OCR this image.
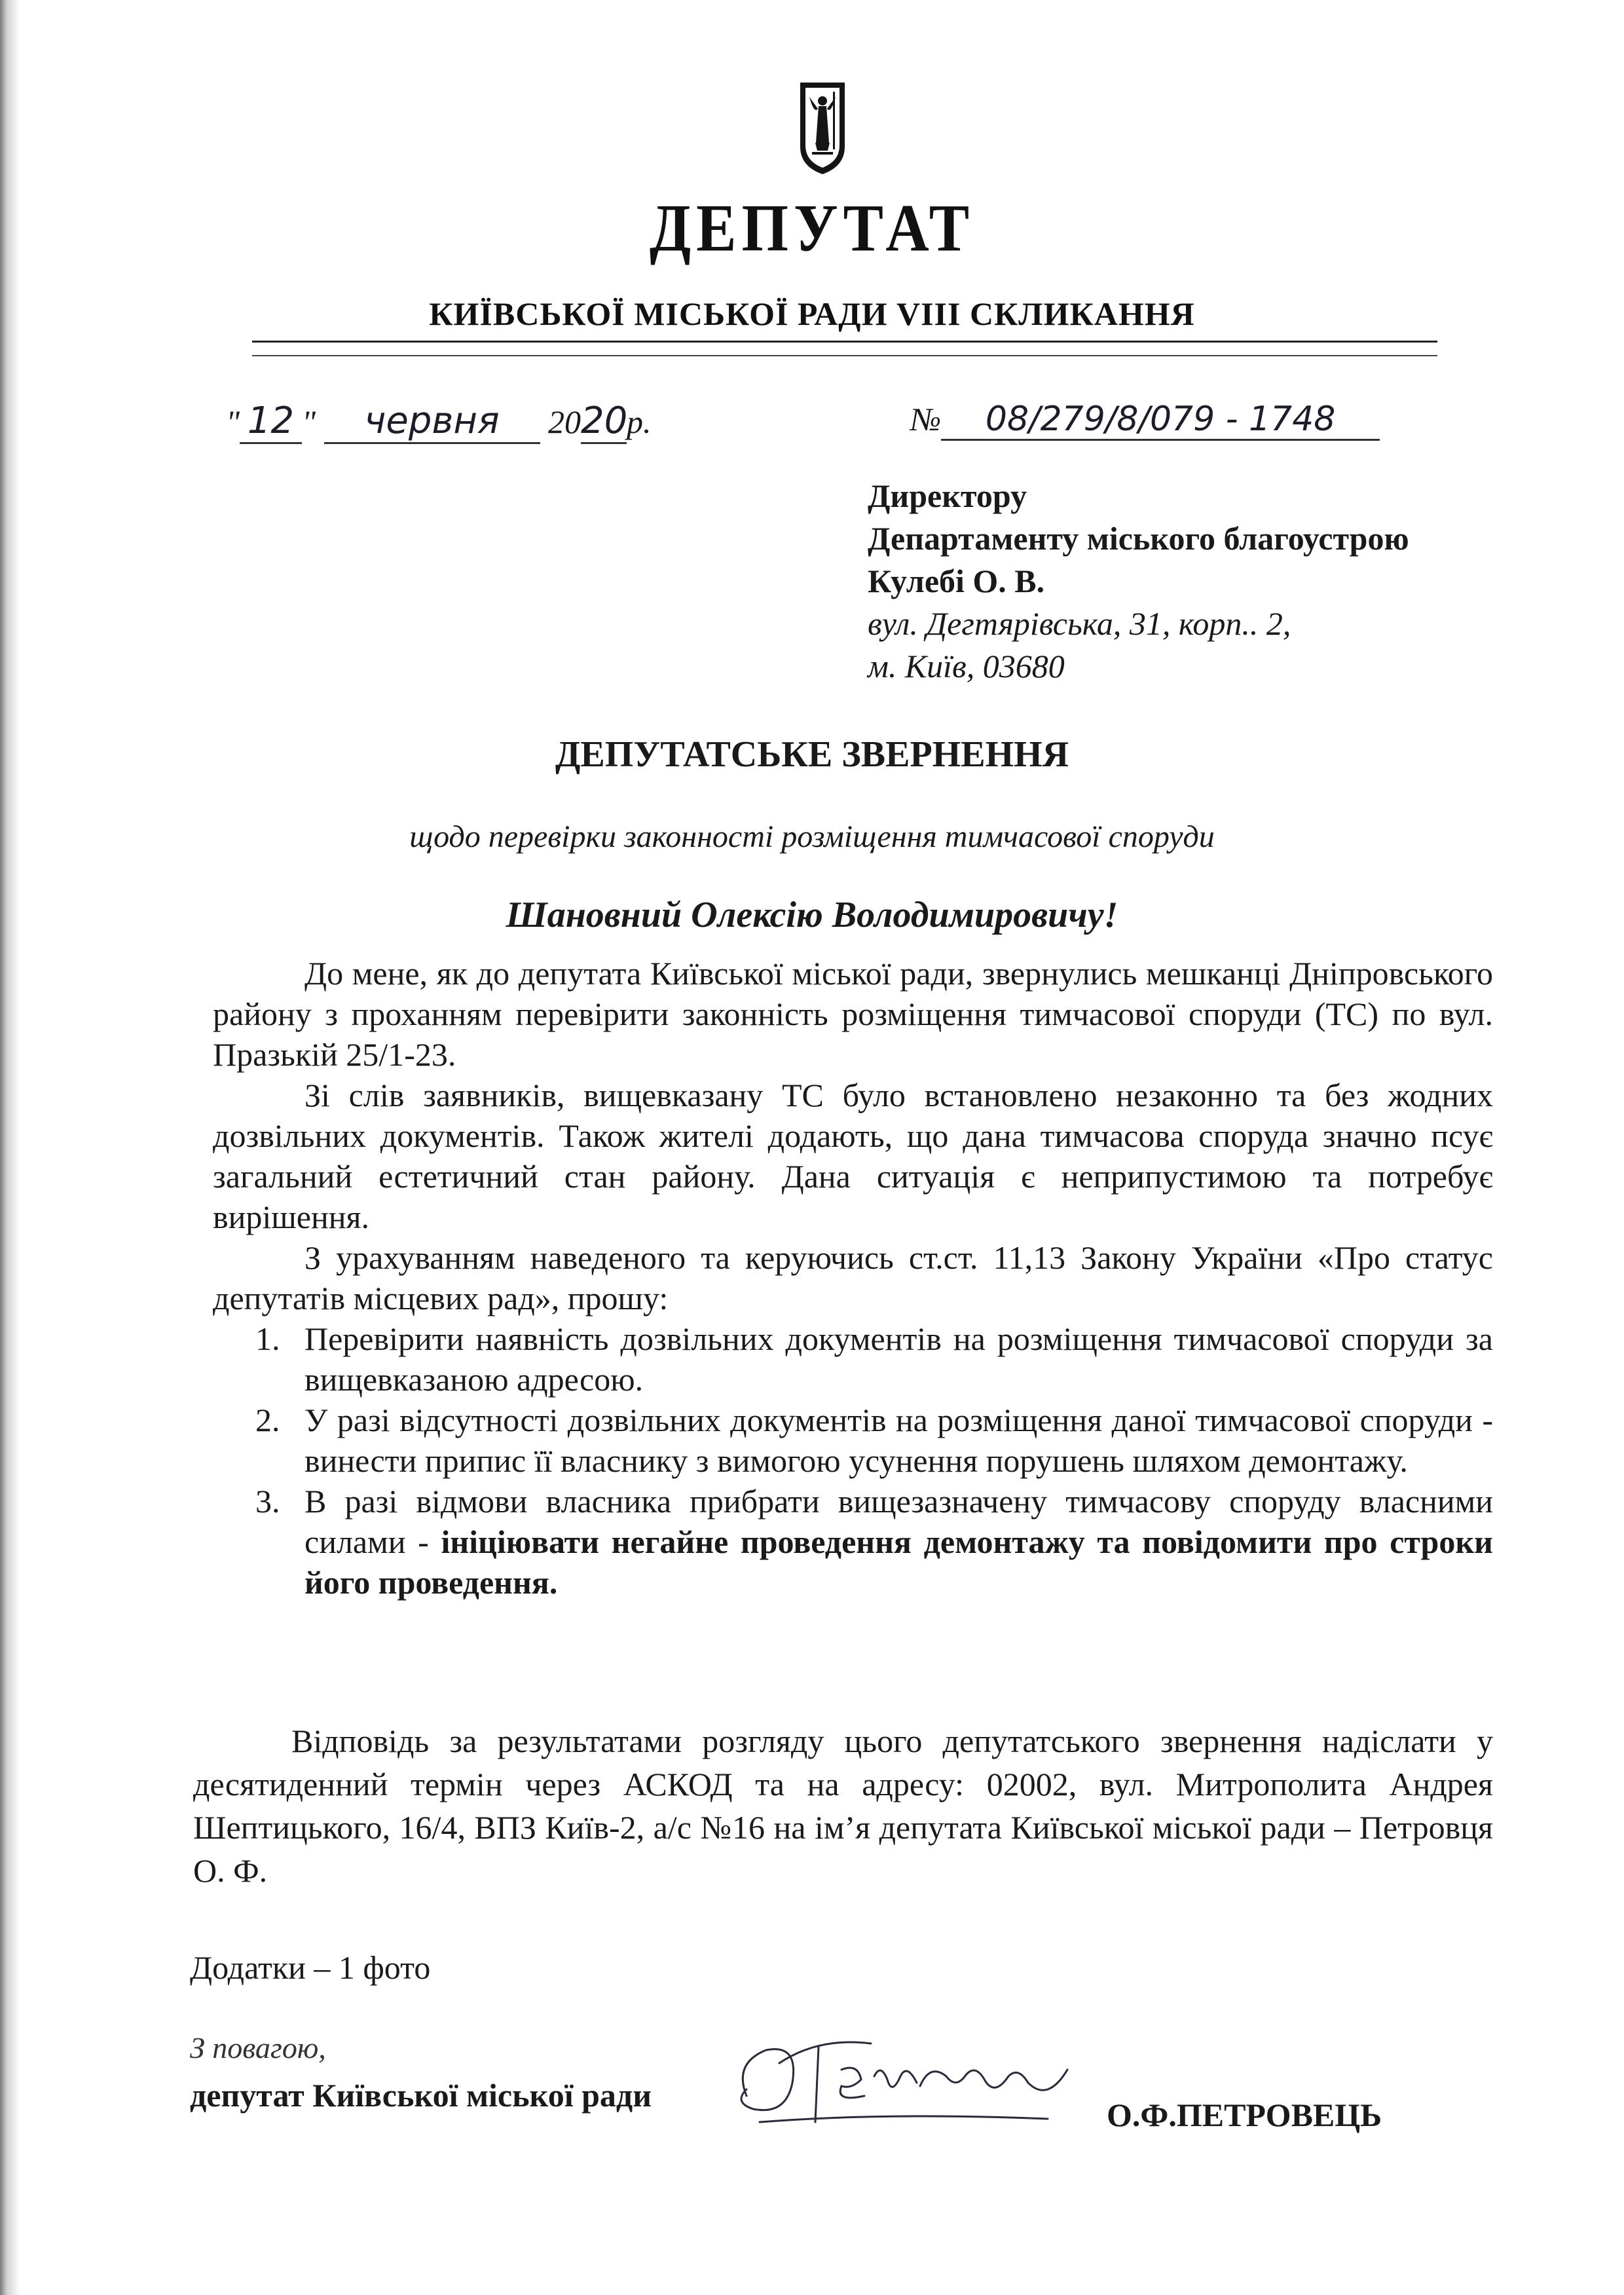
ДЕПУТАТ
КИЇВСЬКОЇ МІСЬКОЇ РАДИ VIII СКЛИКАННЯ
" 12 " червня 2020р.	№ 08/279/8/079 - 1748
Директору
Департаменту міського благоустрою
Кулебі О. В.
вул. Дегтярівська, 31, корп.. 2,
м. Київ, 03680
ДЕПУТАТСЬКЕ ЗВЕРНЕННЯ
щодо перевірки законності розміщення тимчасової споруди
Шановний Олексію Володимировичу!

До мене, як до депутата Київської міської ради, звернулись мешканці Дніпровського району з проханням перевірити законність розміщення тимчасової споруди (ТС) по вул. Празькій 25/1-23.

Зі слів заявників, вищевказану ТС було встановлено незаконно та без жодних дозвільних документів. Також жителі додають, що дана тимчасова споруда значно псує загальний естетичний стан району. Дана ситуація є неприпустимою та потребує вирішення.

З урахуванням наведеного та керуючись ст.ст. 11,13 Закону України «Про статус депутатів місцевих рад», прошу:

1. Перевірити наявність дозвільних документів на розміщення тимчасової споруди за вищевказаною адресою.
2. У разі відсутності дозвільних документів на розміщення даної тимчасової споруди - винести припис її власнику з вимогою усунення порушень шляхом демонтажу.
3. В разі відмови власника прибрати вищезазначену тимчасову споруду власними силами - ініціювати негайне проведення демонтажу та повідомити про строки його проведення.

Відповідь за результатами розгляду цього депутатського звернення надіслати у десятиденний термін через АСКОД та на адресу: 02002, вул. Митрополита Андрея Шептицького, 16/4, ВПЗ Київ-2, а/с №16 на ім’я депутата Київської міської ради – Петровця О. Ф.

Додатки – 1 фото
З повагою,
депутат Київської міської ради
О.Ф.ПЕТРОВЕЦЬ
